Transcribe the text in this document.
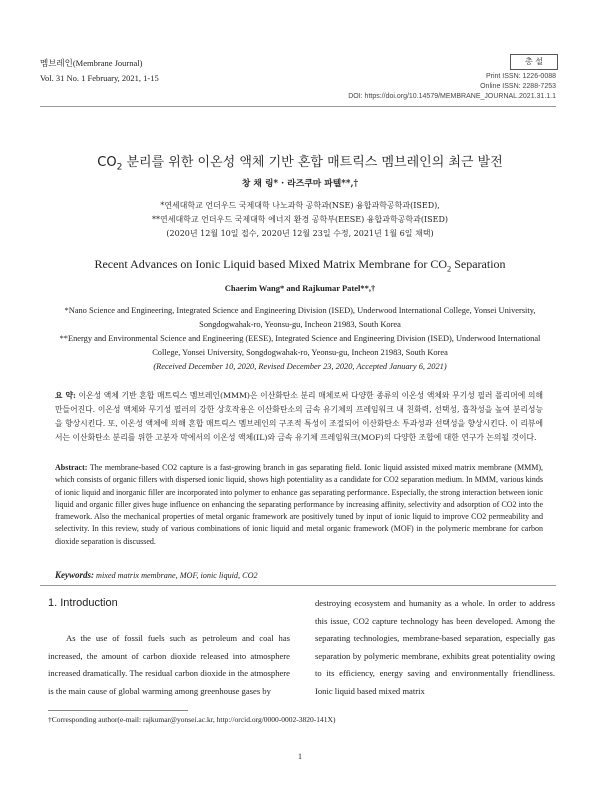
멤브레인(Membrane Journal)
Vol. 31 No. 1 February, 2021, 1-15
총 설
Print ISSN: 1226-0088
Online ISSN: 2288-7253
DOI: https://doi.org/10.14579/MEMBRANE_JOURNAL.2021.31.1.1
$CO_2$ 분리를 위한 이온성 액체 기반 혼합 매트릭스 멤브레인의 최근 발전
창 채 링* · 라즈쿠마 파텔**,†
*연세대학교 언더우드 국제대학 나노과학 공학과(NSE) 융합과학공학과(ISED),
**연세대학교 언더우드 국제대학 에너지 환경 공학부(EESE) 융합과학공학과(ISED)
(2020년 12월 10일 접수, 2020년 12월 23일 수정, 2021년 1월 6일 채택)
Recent Advances on Ionic Liquid based Mixed Matrix Membrane for $CO_2$ Separation
Chaerim Wang* and Rajkumar Patel**,†
*Nano Science and Engineering, Integrated Science and Engineering Division (ISED), Underwood International College, Yonsei University, Songdogwahak-ro, Yeonsu-gu, Incheon 21983, South Korea
**Energy and Environmental Science and Engineering (EESE), Integrated Science and Engineering Division (ISED), Underwood International College, Yonsei University, Songdogwahak-ro, Yeonsu-gu, Incheon 21983, South Korea
(Received December 10, 2020, Revised December 23, 2020, Accepted January 6, 2021)
요 약: 이온성 액체 기반 혼합 매트릭스 멤브레인(MMM)은 이산화탄소 분리 매체로써 다양한 종류의 이온성 액체와 무기성 필러 폴리머에 의해 만들어진다. 이온성 액체와 무기성 필러의 강한 상호작용은 이산화탄소의 금속 유기체의 프레임워크 내 친화력, 선택성, 흡착성을 높여 분리성능을 향상시킨다. 또, 이온성 액체에 의해 혼합 매트릭스 멤브레인의 구조적 특성이 조절되어 이산화탄소 투과성과 선택성을 향상시킨다. 이 리뷰에서는 이산화탄소 분리를 위한 고분자 막에서의 이온성 액체(IL)와 금속 유기체 프레임워크(MOF)의 다양한 조합에 대한 연구가 논의될 것이다.
Abstract: The membrane-based CO2 capture is a fast-growing branch in gas separating field. Ionic liquid assisted mixed matrix membrane (MMM), which consists of organic fillers with dispersed ionic liquid, shows high potentiality as a candidate for CO2 separation medium. In MMM, various kinds of ionic liquid and inorganic filler are incorporated into polymer to enhance gas separating performance. Especially, the strong interaction between ionic liquid and organic filler gives huge influence on enhancing the separating performance by increasing affinity, selectivity and adsorption of CO2 into the framework. Also the mechanical properties of metal organic framework are positively tuned by input of ionic liquid to improve CO2 permeability and selectivity. In this review, study of various combinations of ionic liquid and metal organic framework (MOF) in the polymeric membrane for carbon dioxide separation is discussed.
Keywords: mixed matrix membrane, MOF, ionic liquid, CO2
1. Introduction
As the use of fossil fuels such as petroleum and coal has increased, the amount of carbon dioxide released into atmosphere increased dramatically. The residual carbon dioxide in the atmosphere is the main cause of global warming among greenhouse gases by
destroying ecosystem and humanity as a whole. In order to address this issue, CO2 capture technology has been developed. Among the separating technologies, membrane-based separation, especially gas separation by polymeric membrane, exhibits great potentiality owing to its efficiency, energy saving and environmentally friendliness. Ionic liquid based mixed matrix
†Corresponding author(e-mail: rajkumar@yonsei.ac.kr, http://orcid.org/0000-0002-3820-141X)
1
